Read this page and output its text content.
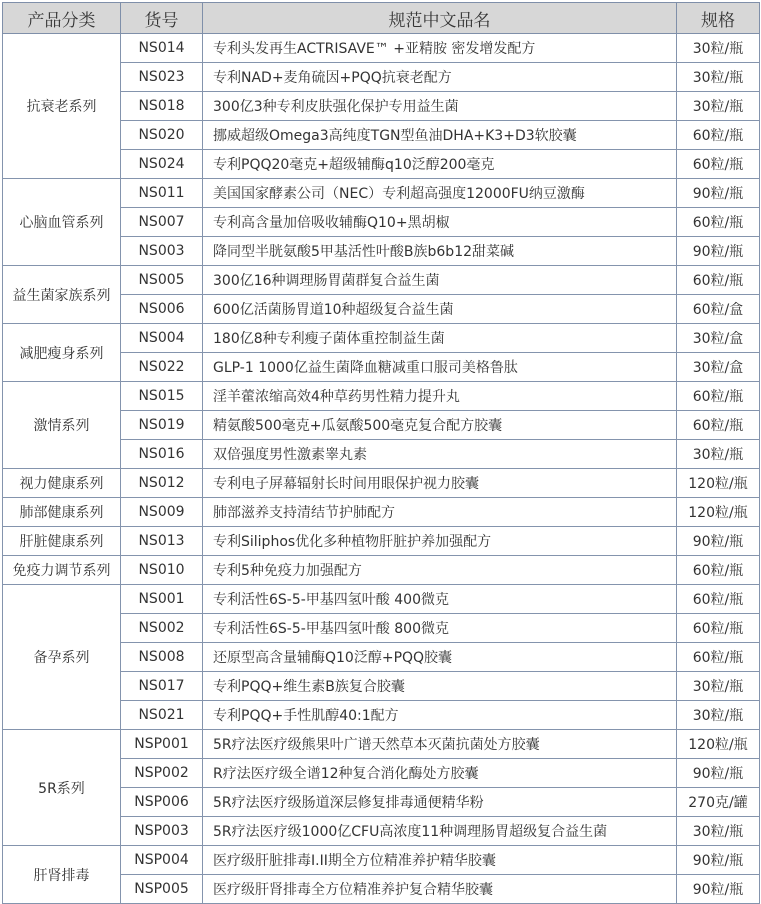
产品分类	货号	规范中文品名	规格
抗衰老系列	NS014	专利头发再生ACTRISAVE™ +亚精胺 密发增发配方	30粒/瓶
	NS023	专利NAD+麦角硫因+PQQ抗衰老配方	30粒/瓶
	NS018	300亿3种专利皮肤强化保护专用益生菌	30粒/瓶
	NS020	挪威超级Omega3高纯度TGN型鱼油DHA+K3+D3软胶囊	60粒/瓶
	NS024	专利PQQ20毫克+超级辅酶q10泛醇200毫克	60粒/瓶
心脑血管系列	NS011	美国国家酵素公司（NEC）专利超高强度12000FU纳豆激酶	90粒/瓶
	NS007	专利高含量加倍吸收辅酶Q10+黑胡椒	60粒/瓶
	NS003	降同型半胱氨酸5甲基活性叶酸B族b6b12甜菜碱	90粒/瓶
益生菌家族系列	NS005	300亿16种调理肠胃菌群复合益生菌	60粒/瓶
	NS006	600亿活菌肠胃道10种超级复合益生菌	60粒/盒
减肥瘦身系列	NS004	180亿8种专利瘦子菌体重控制益生菌	30粒/盒
	NS022	GLP-1 1000亿益生菌降血糖减重口服司美格鲁肽	30粒/盒
激情系列	NS015	淫羊藿浓缩高效4种草药男性精力提升丸	60粒/瓶
	NS019	精氨酸500毫克+瓜氨酸500毫克复合配方胶囊	60粒/瓶
	NS016	双倍强度男性激素睾丸素	30粒/瓶
视力健康系列	NS012	专利电子屏幕辐射长时间用眼保护视力胶囊	120粒/瓶
肺部健康系列	NS009	肺部滋养支持清结节护肺配方	120粒/瓶
肝脏健康系列	NS013	专利Siliphos优化多种植物肝脏护养加强配方	90粒/瓶
免疫力调节系列	NS010	专利5种免疫力加强配方	60粒/瓶
备孕系列	NS001	专利活性6S-5-甲基四氢叶酸 400微克	60粒/瓶
	NS002	专利活性6S-5-甲基四氢叶酸 800微克	60粒/瓶
	NS008	还原型高含量辅酶Q10泛醇+PQQ胶囊	60粒/瓶
	NS017	专利PQQ+维生素B族复合胶囊	30粒/瓶
	NS021	专利PQQ+手性肌醇40:1配方	30粒/瓶
5R系列	NSP001	5R疗法医疗级熊果叶广谱天然草本灭菌抗菌处方胶囊	120粒/瓶
	NSP002	R疗法医疗级全谱12种复合消化酶处方胶囊	90粒/瓶
	NSP006	5R疗法医疗级肠道深层修复排毒通便精华粉	270克/罐
	NSP003	5R疗法医疗级1000亿CFU高浓度11种调理肠胃超级复合益生菌	30粒/瓶
肝肾排毒	NSP004	医疗级肝脏排毒I.II期全方位精准养护精华胶囊	90粒/瓶
	NSP005	医疗级肝肾排毒全方位精准养护复合精华胶囊	90粒/瓶
